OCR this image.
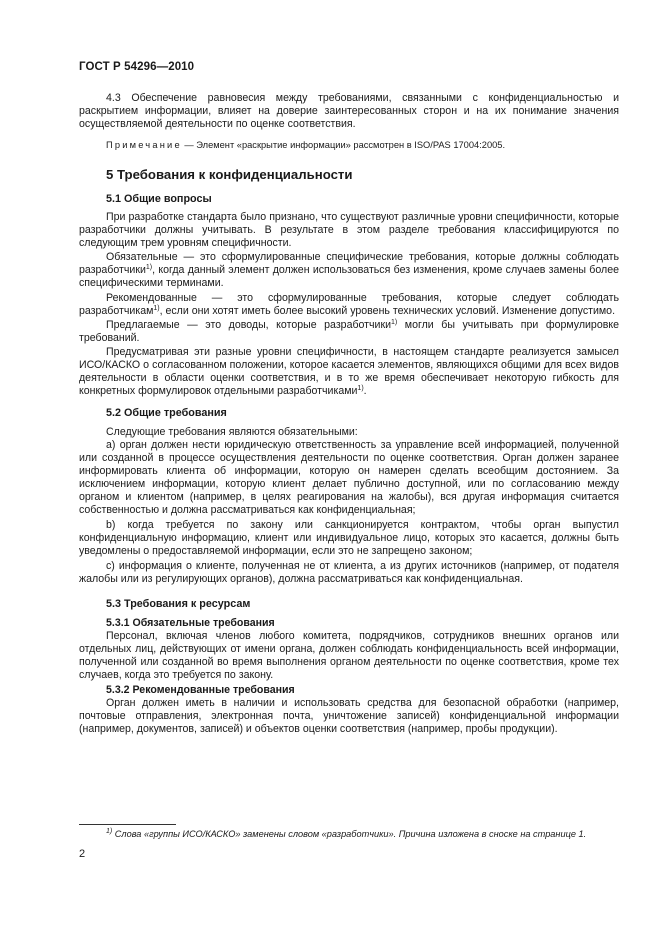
ГОСТ Р 54296—2010
4.3 Обеспечение равновесия между требованиями, связанными с конфиденциальностью и раскрытием информации, влияет на доверие заинтересованных сторон и на их понимание значения осуществляемой деятельности по оценке соответствия.
Примечание — Элемент «раскрытие информации» рассмотрен в ISO/PAS 17004:2005.
5 Требования к конфиденциальности
5.1 Общие вопросы
При разработке стандарта было признано, что существуют различные уровни специфичности, которые разработчики должны учитывать. В результате в этом разделе требования классифицируются по следующим трем уровням специфичности.
Обязательные — это сформулированные специфические требования, которые должны соблюдать разработчики$^{1)}$, когда данный элемент должен использоваться без изменения, кроме случаев замены более специфическими терминами.
Рекомендованные — это сформулированные требования, которые следует соблюдать разработчикам$^{1)}$, если они хотят иметь более высокий уровень технических условий. Изменение допустимо.
Предлагаемые — это доводы, которые разработчики$^{1)}$ могли бы учитывать при формулировке требований.
Предусматривая эти разные уровни специфичности, в настоящем стандарте реализуется замысел ИСО/КАСКО о согласованном положении, которое касается элементов, являющихся общими для всех видов деятельности в области оценки соответствия, и в то же время обеспечивает некоторую гибкость для конкретных формулировок отдельными разработчиками$^{1)}$.
5.2 Общие требования
Следующие требования являются обязательными:
a) орган должен нести юридическую ответственность за управление всей информацией, полученной или созданной в процессе осуществления деятельности по оценке соответствия. Орган должен заранее информировать клиента об информации, которую он намерен сделать всеобщим достоянием. За исключением информации, которую клиент делает публично доступной, или по согласованию между органом и клиентом (например, в целях реагирования на жалобы), вся другая информация считается собственностью и должна рассматриваться как конфиденциальная;
b) когда требуется по закону или санкционируется контрактом, чтобы орган выпустил конфиденциальную информацию, клиент или индивидуальное лицо, которых это касается, должны быть уведомлены о предоставляемой информации, если это не запрещено законом;
c) информация о клиенте, полученная не от клиента, а из других источников (например, от подателя жалобы или из регулирующих органов), должна рассматриваться как конфиденциальная.
5.3 Требования к ресурсам
5.3.1 Обязательные требования
Персонал, включая членов любого комитета, подрядчиков, сотрудников внешних органов или отдельных лиц, действующих от имени органа, должен соблюдать конфиденциальность всей информации, полученной или созданной во время выполнения органом деятельности по оценке соответствия, кроме тех случаев, когда это требуется по закону.
5.3.2 Рекомендованные требования
Орган должен иметь в наличии и использовать средства для безопасной обработки (например, почтовые отправления, электронная почта, уничтожение записей) конфиденциальной информации (например, документов, записей) и объектов оценки соответствия (например, пробы продукции).
$^{1)}$ Слова «группы ИСО/КАСКО» заменены словом «разработчики». Причина изложена в сноске на странице 1.
2
